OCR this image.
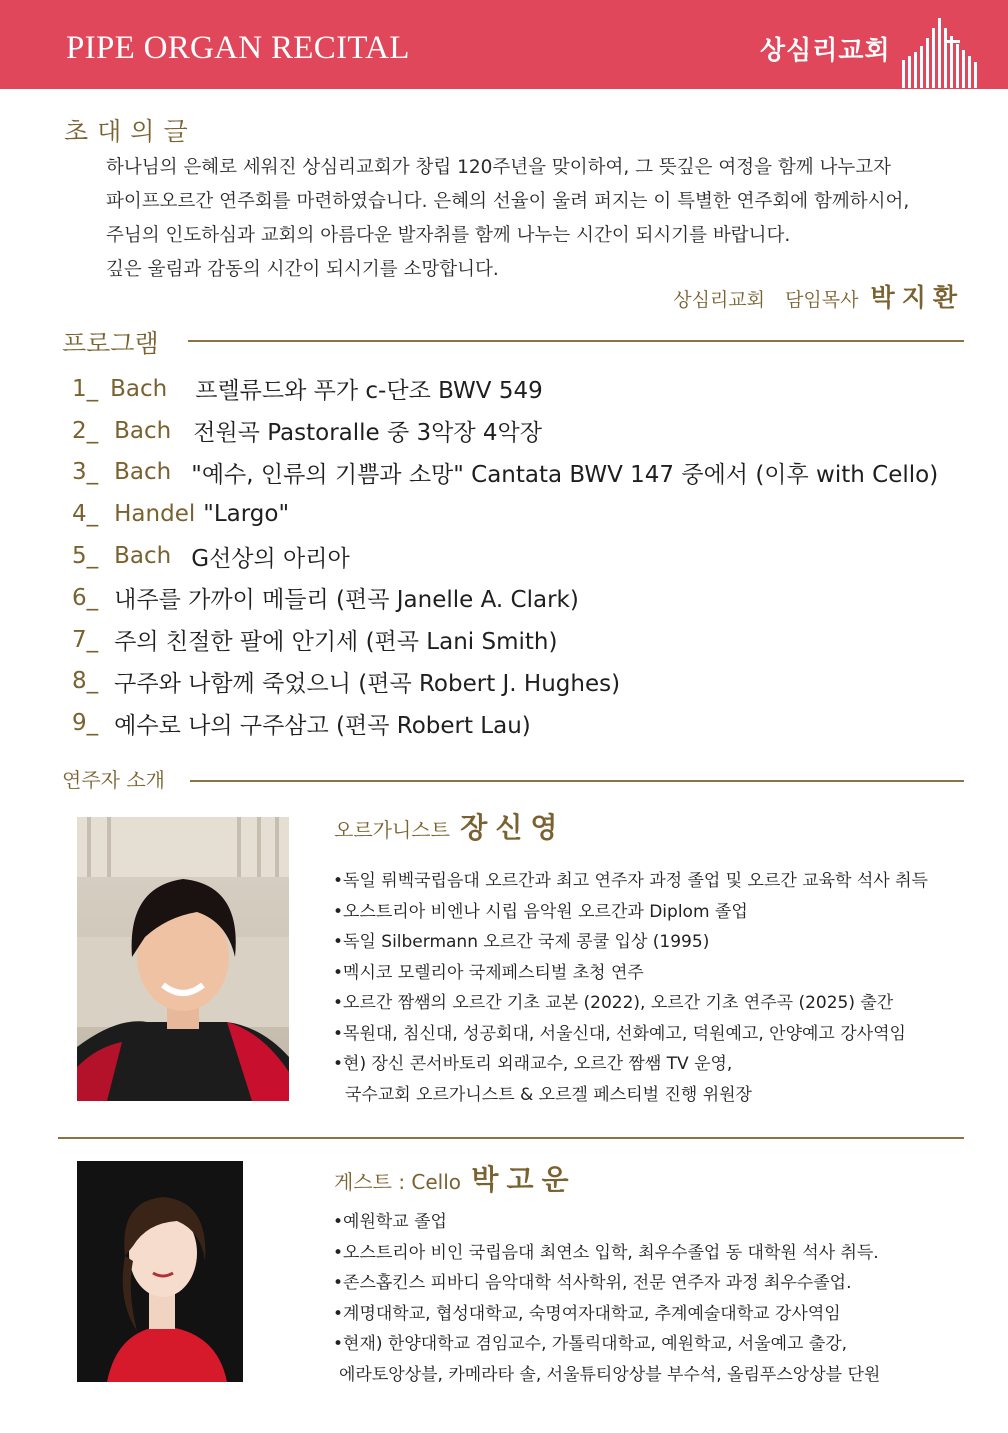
PIPE ORGAN RECITAL	상심리교회
초대의글
하나님의 은혜로 세워진 상심리교회가 창립 120주년을 맞이하여, 그 뜻깊은 여정을 함께 나누고자
파이프오르간 연주회를 마련하였습니다. 은혜의 선율이 울려 퍼지는 이 특별한 연주회에 함께하시어,
주님의 인도하심과 교회의 아름다운 발자취를 함께 나누는 시간이 되시기를 바랍니다.
깊은 울림과 감동의 시간이 되시기를 소망합니다.
상심리교회 담임목사 박지환
프로그램
1_ Bach 프렐류드와 푸가 c-단조 BWV 549
2_ Bach 전원곡 Pastoralle 중 3악장 4악장
3_ Bach "예수, 인류의 기쁨과 소망" Cantata BWV 147 중에서 (이후 with Cello)
4_ Handel "Largo"
5_ Bach G선상의 아리아
6_ 내주를 가까이 메들리 (편곡 Janelle A. Clark)
7_ 주의 친절한 팔에 안기세 (편곡 Lani Smith)
8_ 구주와 나함께 죽었으니 (편곡 Robert J. Hughes)
9_ 예수로 나의 구주삼고 (편곡 Robert Lau)
연주자 소개
오르가니스트 장신영
•독일 뤼벡국립음대 오르간과 최고 연주자 과정 졸업 및 오르간 교육학 석사 취득
•오스트리아 비엔나 시립 음악원 오르간과 Diplom 졸업
•독일 Silbermann 오르간 국제 콩쿨 입상 (1995)
•멕시코 모렐리아 국제페스티벌 초청 연주
•오르간 짬쌤의 오르간 기초 교본 (2022), 오르간 기초 연주곡 (2025) 출간
•목원대, 침신대, 성공회대, 서울신대, 선화예고, 덕원예고, 안양예고 강사역임
•현) 장신 콘서바토리 외래교수, 오르간 짬쌤 TV 운영,
국수교회 오르가니스트 & 오르겔 페스티벌 진행 위원장
게스트 : Cello 박고운
•예원학교 졸업
•오스트리아 비인 국립음대 최연소 입학, 최우수졸업 동 대학원 석사 취득.
•존스홉킨스 피바디 음악대학 석사학위, 전문 연주자 과정 최우수졸업.
•계명대학교, 협성대학교, 숙명여자대학교, 추계예술대학교 강사역임
•현재) 한양대학교 겸임교수, 가톨릭대학교, 예원학교, 서울예고 출강,
에라토앙상블, 카메라타 솔, 서울튜티앙상블 부수석, 올림푸스앙상블 단원
